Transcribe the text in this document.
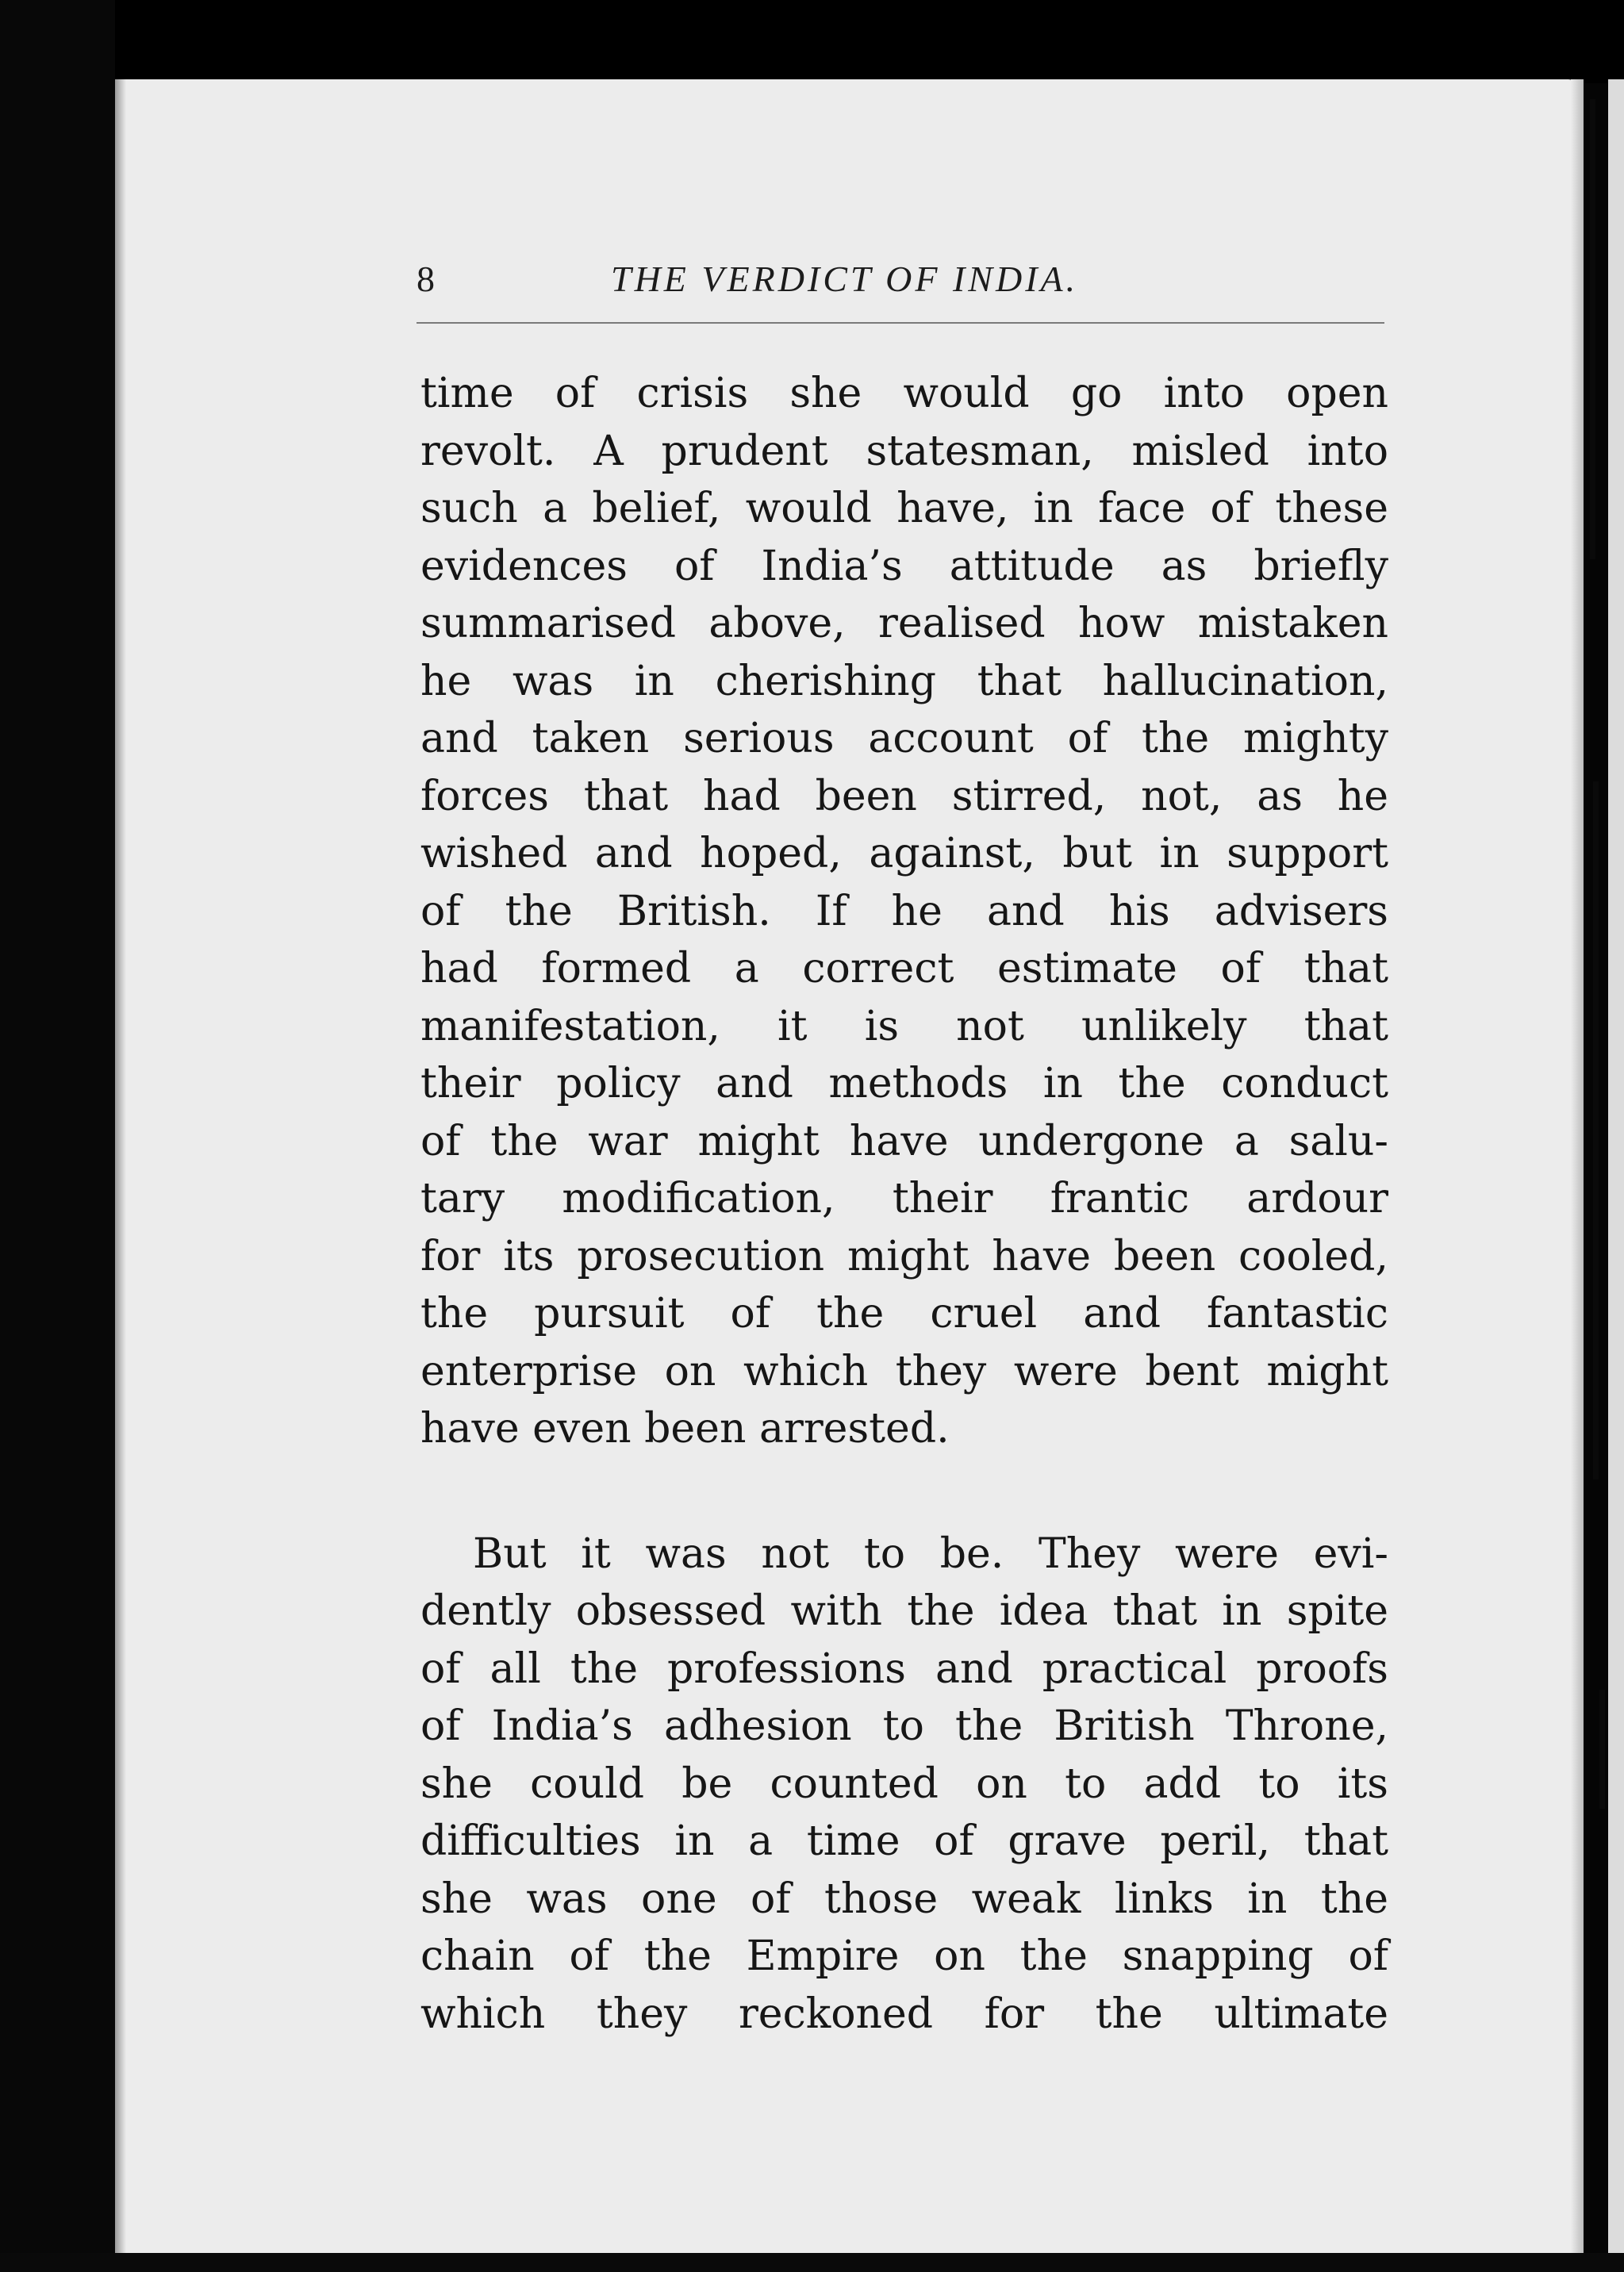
8	THE VERDICT OF INDIA.
time of crisis she would go into open
revolt. A prudent statesman, misled into
such a belief, would have, in face of these
evidences of India’s attitude as briefly
summarised above, realised how mistaken
he was in cherishing that hallucination,
and taken serious account of the mighty
forces that had been stirred, not, as he
wished and hoped, against, but in support
of the British. If he and his advisers
had formed a correct estimate of that
manifestation, it is not unlikely that
their policy and methods in the conduct
of the war might have undergone a salu-
tary modification, their frantic ardour
for its prosecution might have been cooled,
the pursuit of the cruel and fantastic
enterprise on which they were bent might
have even been arrested.
But it was not to be. They were evi-
dently obsessed with the idea that in spite
of all the professions and practical proofs
of India’s adhesion to the British Throne,
she could be counted on to add to its
difficulties in a time of grave peril, that
she was one of those weak links in the
chain of the Empire on the snapping of
which they reckoned for the ultimate
